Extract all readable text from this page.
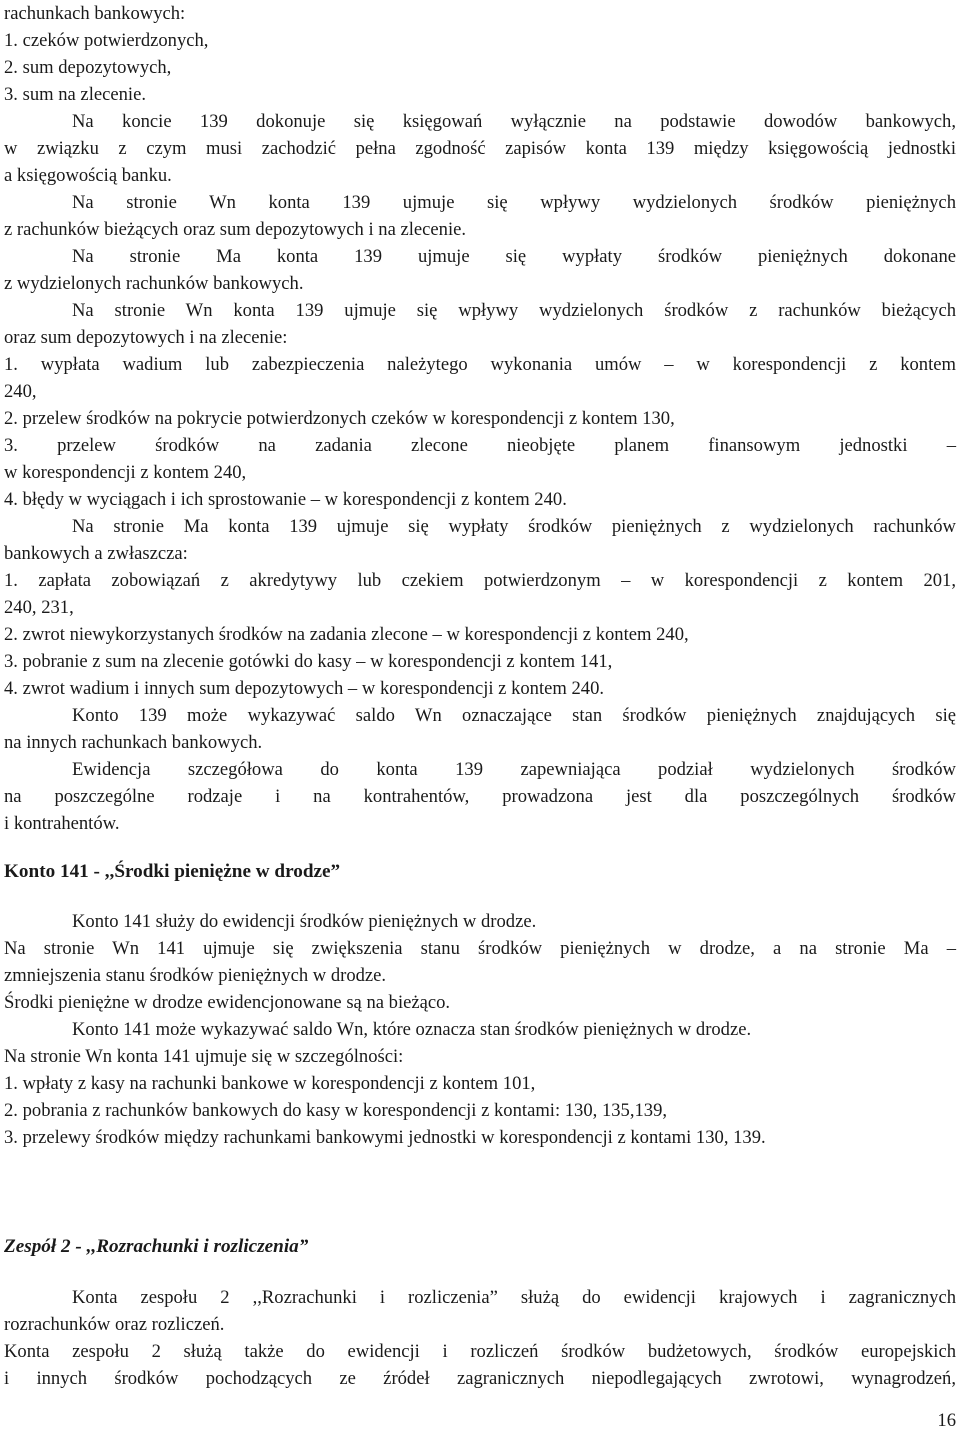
rachunkach bankowych:
1. czeków potwierdzonych,
2. sum depozytowych,
3. sum na zlecenie.
Na koncie 139 dokonuje się księgowań wyłącznie na podstawie dowodów bankowych,
w związku z czym musi zachodzić pełna zgodność zapisów konta 139 między księgowością jednostki
a księgowością banku.
Na stronie Wn konta 139 ujmuje się wpływy wydzielonych środków pieniężnych
z rachunków bieżących oraz sum depozytowych i na zlecenie.
Na stronie Ma konta 139 ujmuje się wypłaty środków pieniężnych dokonane
z wydzielonych rachunków bankowych.
Na stronie Wn konta 139 ujmuje się wpływy wydzielonych środków z rachunków bieżących
oraz sum depozytowych i na zlecenie:
1. wypłata wadium lub zabezpieczenia należytego wykonania umów – w korespondencji z kontem
240,
2. przelew środków na pokrycie potwierdzonych czeków w korespondencji z kontem 130,
3. przelew środków na zadania zlecone nieobjęte planem finansowym jednostki –
w korespondencji z kontem 240,
4. błędy w wyciągach i ich sprostowanie – w korespondencji z kontem 240.
Na stronie Ma konta 139 ujmuje się wypłaty środków pieniężnych z wydzielonych rachunków
bankowych a zwłaszcza:
1. zapłata zobowiązań z akredytywy lub czekiem potwierdzonym – w korespondencji z kontem 201,
240, 231,
2. zwrot niewykorzystanych środków na zadania zlecone – w korespondencji z kontem 240,
3. pobranie z sum na zlecenie gotówki do kasy – w korespondencji z kontem 141,
4. zwrot wadium i innych sum depozytowych – w korespondencji z kontem 240.
Konto 139 może wykazywać saldo Wn oznaczające stan środków pieniężnych znajdujących się
na innych rachunkach bankowych.
Ewidencja szczegółowa do konta 139 zapewniająca podział wydzielonych środków
na poszczególne rodzaje i na kontrahentów, prowadzona jest dla poszczególnych środków
i kontrahentów.
Konto 141 - ,,Środki pieniężne w drodze”
Konto 141 służy do ewidencji środków pieniężnych w drodze.
Na stronie Wn 141 ujmuje się zwiększenia stanu środków pieniężnych w drodze, a na stronie Ma –
zmniejszenia stanu środków pieniężnych w drodze.
Środki pieniężne w drodze ewidencjonowane są na bieżąco.
Konto 141 może wykazywać saldo Wn, które oznacza stan środków pieniężnych w drodze.
Na stronie Wn konta 141 ujmuje się w szczególności:
1. wpłaty z kasy na rachunki bankowe w korespondencji z kontem 101,
2. pobrania z rachunków bankowych do kasy w korespondencji z kontami: 130, 135,139,
3. przelewy środków między rachunkami bankowymi jednostki w korespondencji z kontami 130, 139.
Zespół 2 - ,,Rozrachunki i rozliczenia”
Konta zespołu 2 ,,Rozrachunki i rozliczenia” służą do ewidencji krajowych i zagranicznych
rozrachunków oraz rozliczeń.
Konta zespołu 2 służą także do ewidencji i rozliczeń środków budżetowych, środków europejskich
i innych środków pochodzących ze źródeł zagranicznych niepodlegających zwrotowi, wynagrodzeń,
16
